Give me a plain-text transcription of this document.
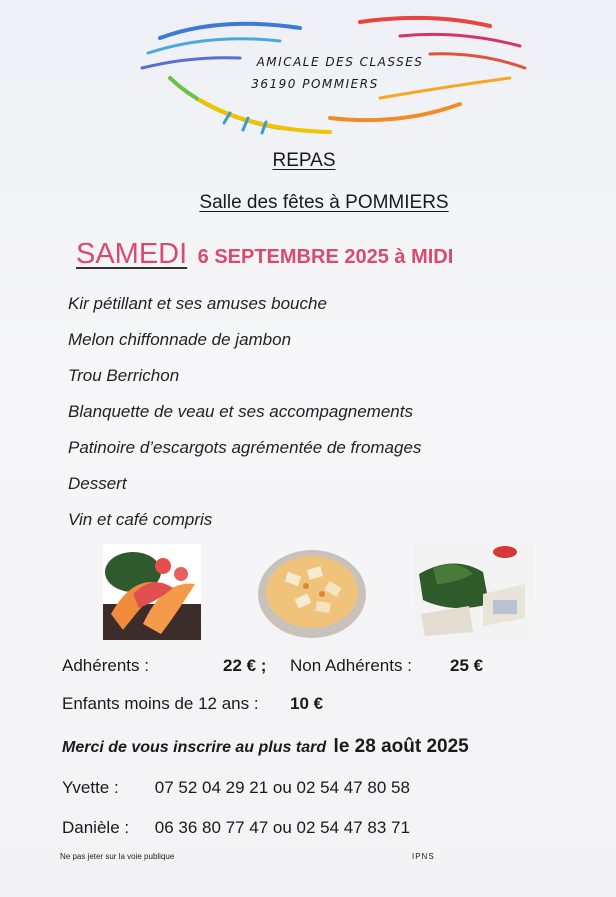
AMICALE DES CLASSES
36190 POMMIERS
REPAS
Salle des fêtes à POMMIERS
SAMEDI 6 SEPTEMBRE 2025 à MIDI
Kir pétillant et ses amuses bouche
Melon chiffonnade de jambon
Trou Berrichon
Blanquette de veau et ses accompagnements
Patinoire d’escargots agrémentée de fromages
Dessert
Vin et café compris
Adhérents :	22 € ; Non Adhérents : 25 €
Enfants moins de 12 ans : 10 €
Merci de vous inscrire au plus tard le 28 août 2025
Yvette : 07 52 04 29 21 ou 02 54 47 80 58
Danièle : 06 36 80 77 47 ou 02 54 47 83 71
Ne pas jeter sur la voie publique	IPNS
